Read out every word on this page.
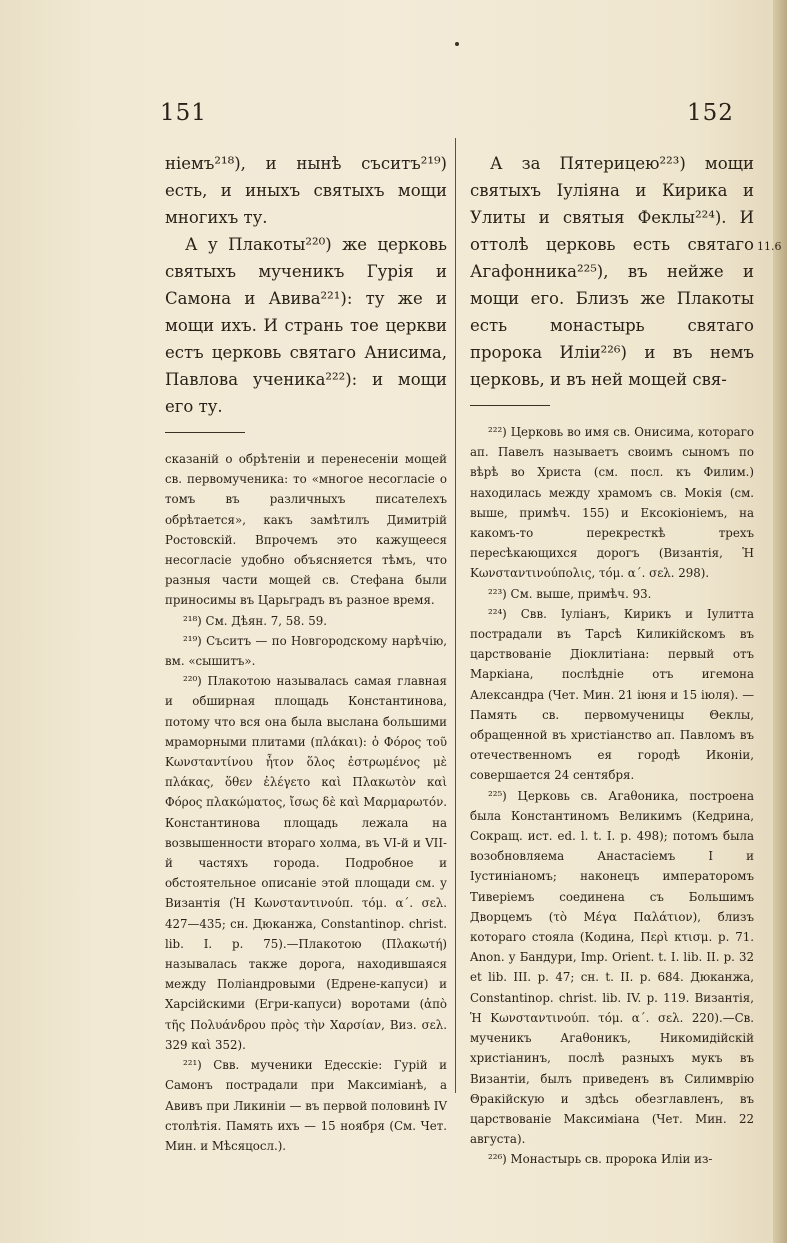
151	152
11.6

ніемъ²¹⁸), и нынѣ съситъ²¹⁹) есть, и иныхъ святыхъ мощи многихъ ту.

А у Плакоты²²⁰) же церковь святыхъ мученикъ Гурія и Самона и Авива²²¹): ту же и мощи ихъ. И странь тое церкви естъ церковь святаго Анисима, Павлова ученика²²²): и мощи его ту.

сказаній о обрѣтеніи и перенесеніи мощей св. первомученика: то «многое несогласіе о томъ въ различныхъ писателехъ обрѣтается», какъ замѣтилъ Димитрій Ростовскій. Впрочемъ это кажущееся несогласіе удобно объясняется тѣмъ, что разныя части мощей св. Стефана были приносимы въ Царьградъ въ разное время.

²¹⁸) См. Дѣян. 7, 58. 59.

²¹⁹) Съситъ — по Новгородскому нарѣчію, вм. «сышитъ».

²²⁰) Плакотою называлась самая главная и обширная площадь Константинова, потому что вся она была выслана большими мраморными плитами (πλάκαι): ὁ Φόρος τοῦ Κωνσταντίνου ἦτον ὅλος ἐστρωμένος μὲ πλάκας, ὅθεν ἐλέγετο καὶ Πλακωτὸν καὶ Φόρος πλακώματος, ἴσως δὲ καὶ Μαρμαρωτόν. Константинова площадь лежала на возвышенности втораго холма, въ VI-й и VII-й частяхъ города. Подробное и обстоятельное описаніе этой площади см. у Византія (Ἡ Κωνσταντινούπ. τόμ. α΄. σελ. 427—435; сн. Дюканжа, Constantinop. christ. lib. I. p. 75).—Плакотою (Πλακωτή) называлась также дорога, находившаяся между Поліандровыми (Едрене-капуси) и Харсійскими (Егри-капуси) воротами (ἀπὸ τῆς Πολυάνδρου πρὸς τὴν Χαρσίαν, Виз. σελ. 329 καὶ 352).

²²¹) Свв. мученики Едесскіе: Гурій и Самонъ пострадали при Максиміанѣ, а Авивъ при Ликиніи — въ первой половинѣ IV столѣтія. Память ихъ — 15 ноября (См. Чет. Мин. и Мѣсяцосл.).

А за Пятерицею²²³) мощи святыхъ Іуліяна и Кирика и Улиты и святыя Феклы²²⁴). И оттолѣ церковь есть святаго Агафонника²²⁵), въ нейже и мощи его. Близъ же Плакоты есть монастырь святаго пророка Иліи²²⁶) и въ немъ церковь, и въ ней мощей свя-

²²²) Церковь во имя св. Онисима, котораго ап. Павелъ называетъ своимъ сыномъ по вѣрѣ во Христа (см. посл. къ Филим.) находилась между храмомъ св. Мокія (см. выше, примѣч. 155) и Ексокіоніемъ, на какомъ-то перекресткѣ трехъ пересѣкающихся дорогъ (Византія, Ἡ Κωνσταντινούπολις, τόμ. α΄. σελ. 298).

²²³) См. выше, примѣч. 93.

²²⁴) Свв. Іуліанъ, Кирикъ и Іулитта пострадали въ Тарсѣ Киликійскомъ въ царствованіе Діоклитіана: первый отъ Маркіана, послѣдніе отъ игемона Александра (Чет. Мин. 21 іюня и 15 іюля). — Память св. первомученицы Θеклы, обращенной въ христіанство ап. Павломъ въ отечественномъ ея городѣ Иконіи, совершается 24 сентября.

²²⁵) Церковь св. Агаθоника, построена была Константиномъ Великимъ (Кедрина, Сокращ. ист. ed. l. t. I. p. 498); потомъ была возобновляема Анастасіемъ I и Іустиніаномъ; наконецъ императоромъ Тиверіемъ соединена съ Большимъ Дворцемъ (τὸ Μέγα Παλάτιον), близъ котораго стояла (Кодина, Περὶ κτισμ. p. 71. Anon. у Бандури, Imp. Orient. t. I. lib. II. p. 32 et lib. III. p. 47; сн. t. II. p. 684. Дюканжа, Constantinop. christ. lib. IV. p. 119. Византія, Ἡ Κωνσταντινούπ. τόμ. α΄. σελ. 220).—Св. мученикъ Агаθоникъ, Никомидійскій христіанинъ, послѣ разныхъ мукъ въ Византіи, былъ приведенъ въ Силимврію Θракійскую и здѣсь обезглавленъ, въ царствованіе Максиміана (Чет. Мин. 22 августа).

²²⁶) Монастырь св. пророка Иліи из-
